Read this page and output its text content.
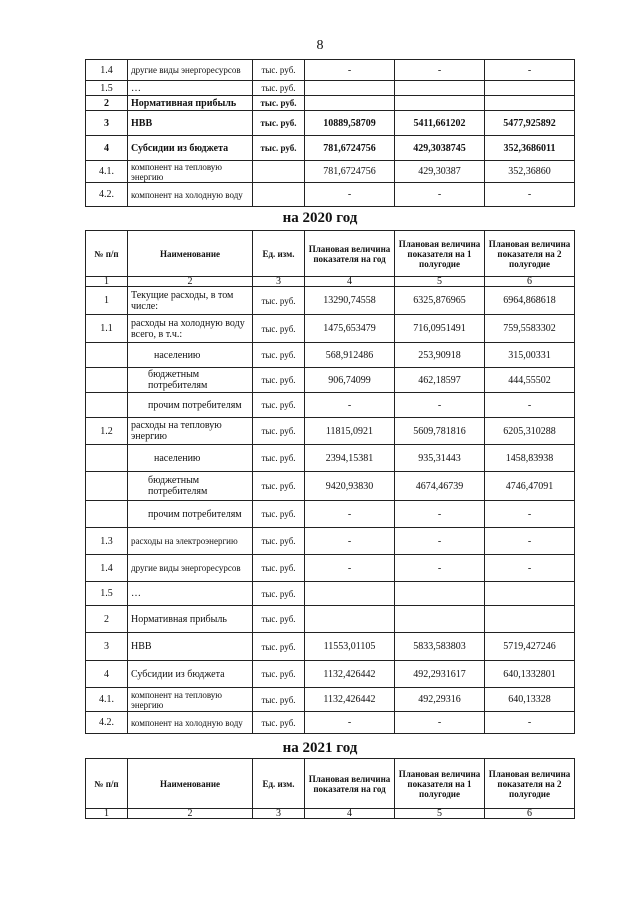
8
1.4	другие виды энергоресурсов	тыс. руб.	-	-	-
1.5	…	тыс. руб.			
2	Нормативная прибыль	тыс. руб.			
3	НВВ	тыс. руб.	10889,58709	5411,661202	5477,925892
4	Субсидии из бюджета	тыс. руб.	781,6724756	429,3038745	352,3686011
4.1.	компонент на тепловую энергию		781,6724756	429,30387	352,36860
4.2.	компонент на холодную воду		-	-	-
на 2020 год
№ п/п	Наименование	Ед. изм.	Плановая величина показателя на год	Плановая величина показателя на 1 полугодие	Плановая величина показателя на 2 полугодие
1	2	3	4	5	6
1	Текущие расходы, в том числе:	тыс. руб.	13290,74558	6325,876965	6964,868618
1.1	расходы на холодную воду всего, в т.ч.:	тыс. руб.	1475,653479	716,0951491	759,5583302
	населению	тыс. руб.	568,912486	253,90918	315,00331
	бюджетным потребителям	тыс. руб.	906,74099	462,18597	444,55502
	прочим потребителям	тыс. руб.	-	-	-
1.2	расходы на тепловую энергию	тыс. руб.	11815,0921	5609,781816	6205,310288
	населению	тыс. руб.	2394,15381	935,31443	1458,83938
	бюджетным потребителям	тыс. руб.	9420,93830	4674,46739	4746,47091
	прочим потребителям	тыс. руб.	-	-	-
1.3	расходы на электроэнергию	тыс. руб.	-	-	-
1.4	другие виды энергоресурсов	тыс. руб.	-	-	-
1.5	…	тыс. руб.			
2	Нормативная прибыль	тыс. руб.			
3	НВВ	тыс. руб.	11553,01105	5833,583803	5719,427246
4	Субсидии из бюджета	тыс. руб.	1132,426442	492,2931617	640,1332801
4.1.	компонент на тепловую энергию	тыс. руб.	1132,426442	492,29316	640,13328
4.2.	компонент на холодную воду	тыс. руб.	-	-	-
на 2021 год
№ п/п	Наименование	Ед. изм.	Плановая величина показателя на год	Плановая величина показателя на 1 полугодие	Плановая величина показателя на 2 полугодие
1	2	3	4	5	6
